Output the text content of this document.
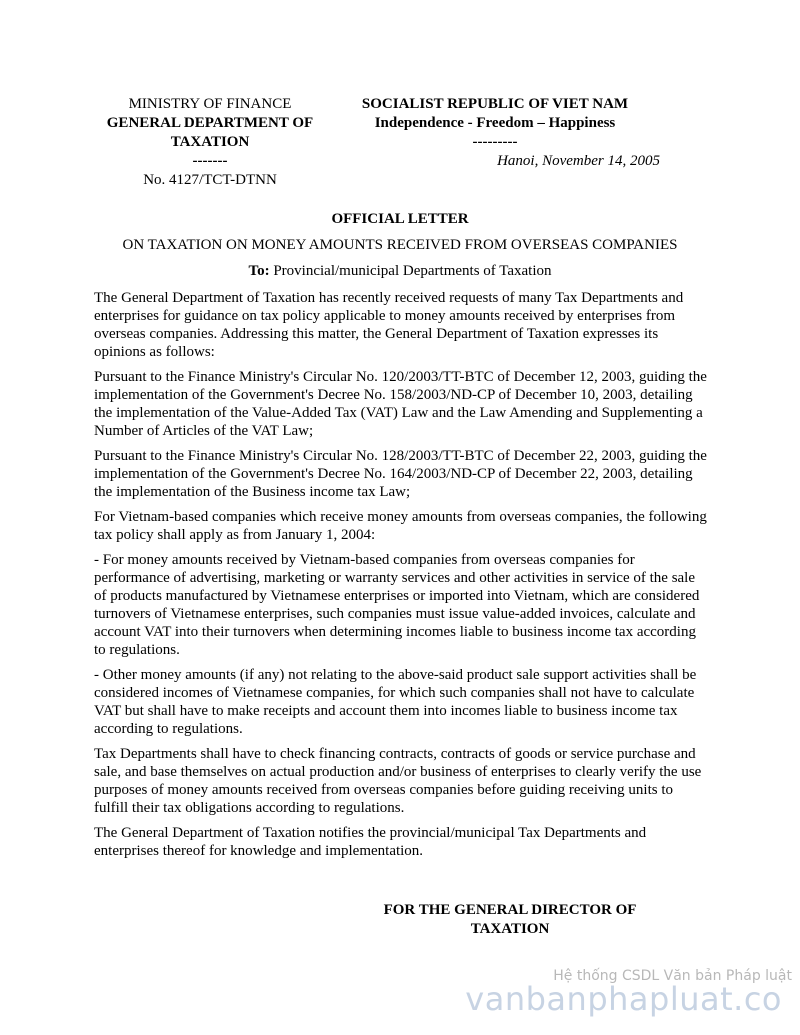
MINISTRY OF FINANCE
GENERAL DEPARTMENT OF
TAXATION
-------
No. 4127/TCT-DTNN
SOCIALIST REPUBLIC OF VIET NAM
Independence - Freedom – Happiness
---------
Hanoi, November 14, 2005
OFFICIAL LETTER
ON TAXATION ON MONEY AMOUNTS RECEIVED FROM OVERSEAS COMPANIES
To: Provincial/municipal Departments of Taxation

The General Department of Taxation has recently received requests of many Tax Departments and enterprises for guidance on tax policy applicable to money amounts received by enterprises from overseas companies. Addressing this matter, the General Department of Taxation expresses its opinions as follows:

Pursuant to the Finance Ministry's Circular No. 120/2003/TT-BTC of December 12, 2003, guiding the implementation of the Government's Decree No. 158/2003/ND-CP of December 10, 2003, detailing the implementation of the Value-Added Tax (VAT) Law and the Law Amending and Supplementing a Number of Articles of the VAT Law;

Pursuant to the Finance Ministry's Circular No. 128/2003/TT-BTC of December 22, 2003, guiding the implementation of the Government's Decree No. 164/2003/ND-CP of December 22, 2003, detailing the implementation of the Business income tax Law;

For Vietnam-based companies which receive money amounts from overseas companies, the following tax policy shall apply as from January 1, 2004:

- For money amounts received by Vietnam-based companies from overseas companies for performance of advertising, marketing or warranty services and other activities in service of the sale of products manufactured by Vietnamese enterprises or imported into Vietnam, which are considered turnovers of Vietnamese enterprises, such companies must issue value-added invoices, calculate and account VAT into their turnovers when determining incomes liable to business income tax according to regulations.

- Other money amounts (if any) not relating to the above-said product sale support activities shall be considered incomes of Vietnamese companies, for which such companies shall not have to calculate VAT but shall have to make receipts and account them into incomes liable to business income tax according to regulations.

Tax Departments shall have to check financing contracts, contracts of goods or service purchase and sale, and base themselves on actual production and/or business of enterprises to clearly verify the use purposes of money amounts received from overseas companies before guiding receiving units to fulfill their tax obligations according to regulations.

The General Department of Taxation notifies the provincial/municipal Tax Departments and enterprises thereof for knowledge and implementation.

FOR THE GENERAL DIRECTOR OF
TAXATION
Hệ thống CSDL Văn bản Pháp luật
vanbanphapluat.co
